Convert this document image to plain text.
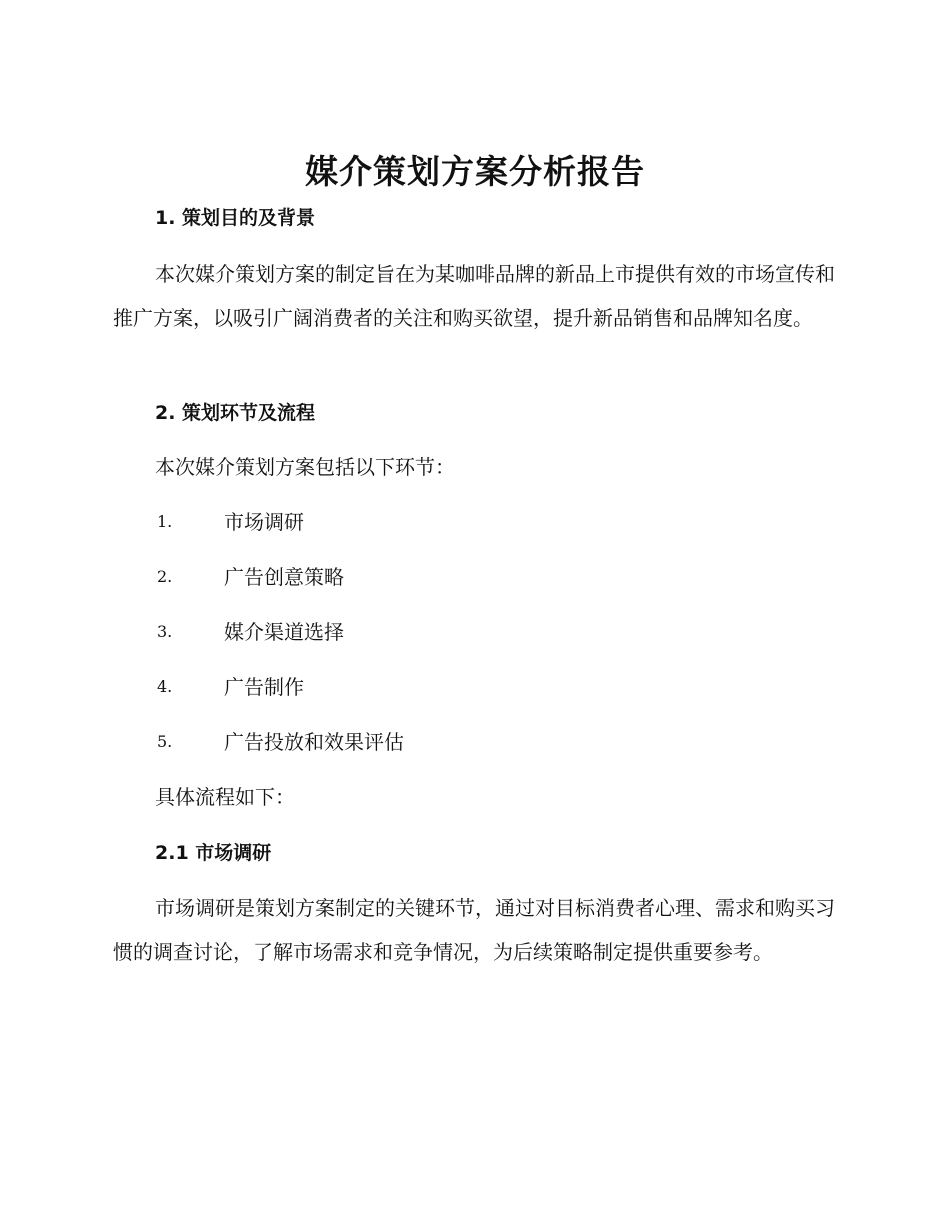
媒介策划方案分析报告
1. 策划目的及背景

本次媒介策划方案的制定旨在为某咖啡品牌的新品上市提供有效的市场宣传和推广方案，以吸引广阔消费者的关注和购买欲望，提升新品销售和品牌知名度。

2. 策划环节及流程

本次媒介策划方案包括以下环节：

1.	市场调研
2.	广告创意策略
3.	媒介渠道选择
4.	广告制作
5.	广告投放和效果评估

具体流程如下：

2.1 市场调研

市场调研是策划方案制定的关键环节，通过对目标消费者心理、需求和购买习惯的调查讨论，了解市场需求和竞争情况，为后续策略制定提供重要参考。
